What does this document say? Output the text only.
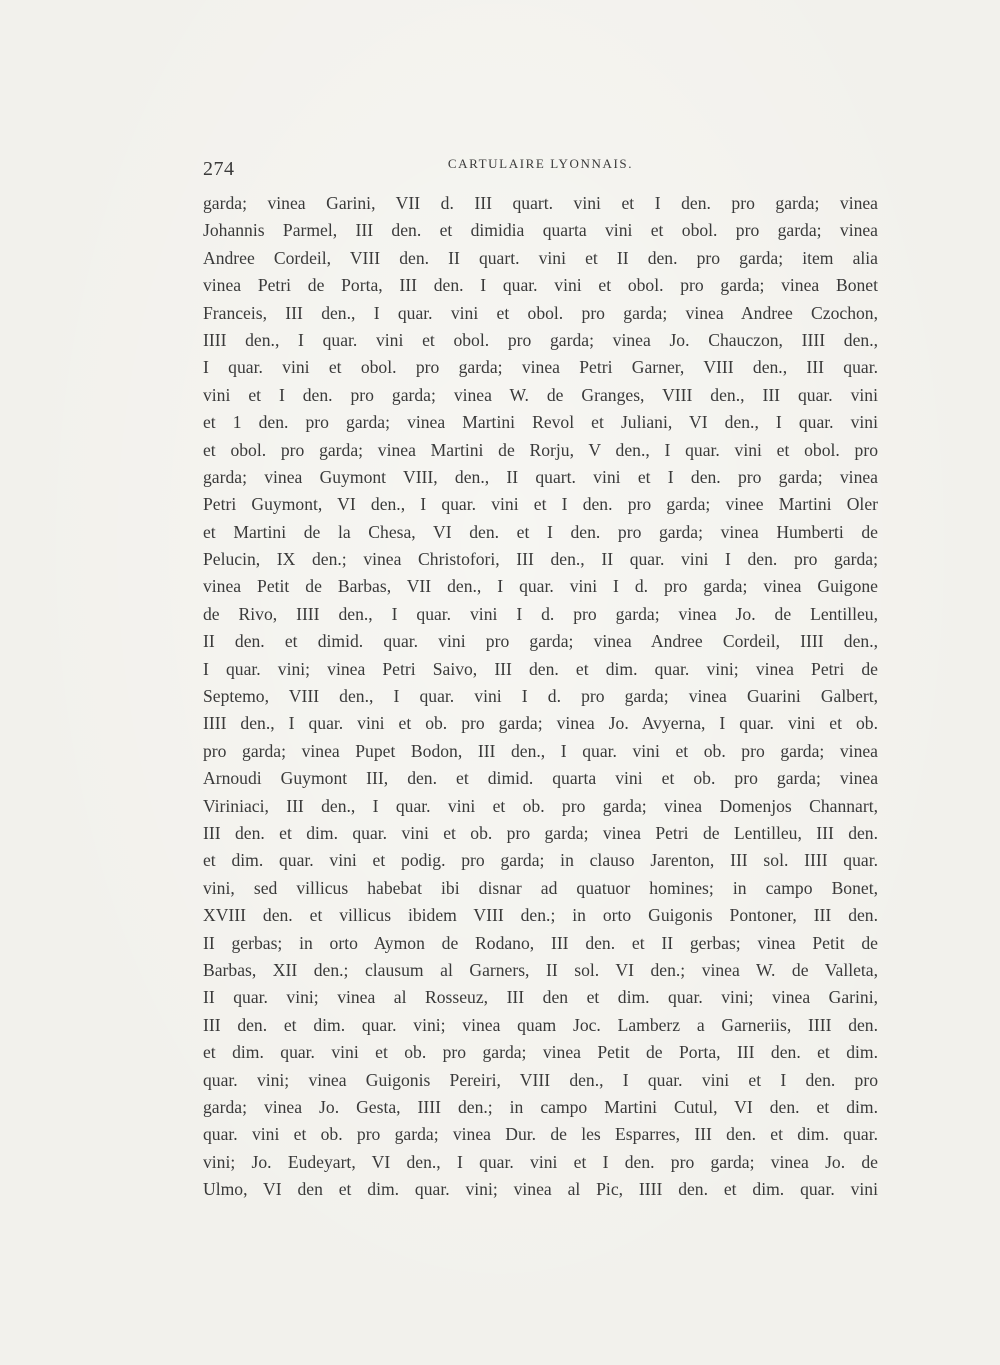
274	CARTULAIRE LYONNAIS.
garda; vinea Garini, VII d. III quart. vini et I den. pro garda; vinea
Johannis Parmel, III den. et dimidia quarta vini et obol. pro garda; vinea
Andree Cordeil, VIII den. II quart. vini et II den. pro garda; item alia
vinea Petri de Porta, III den. I quar. vini et obol. pro garda; vinea Bonet
Franceis, III den., I quar. vini et obol. pro garda; vinea Andree Czochon,
IIII den., I quar. vini et obol. pro garda; vinea Jo. Chauczon, IIII den.,
I quar. vini et obol. pro garda; vinea Petri Garner, VIII den., III quar.
vini et I den. pro garda; vinea W. de Granges, VIII den., III quar. vini
et 1 den. pro garda; vinea Martini Revol et Juliani, VI den., I quar. vini
et obol. pro garda; vinea Martini de Rorju, V den., I quar. vini et obol. pro
garda; vinea Guymont VIII, den., II quart. vini et I den. pro garda; vinea
Petri Guymont, VI den., I quar. vini et I den. pro garda; vinee Martini Oler
et Martini de la Chesa, VI den. et I den. pro garda; vinea Humberti de
Pelucin, IX den.; vinea Christofori, III den., II quar. vini I den. pro garda;
vinea Petit de Barbas, VII den., I quar. vini I d. pro garda; vinea Guigone
de Rivo, IIII den., I quar. vini I d. pro garda; vinea Jo. de Lentilleu,
II den. et dimid. quar. vini pro garda; vinea Andree Cordeil, IIII den.,
I quar. vini; vinea Petri Saivo, III den. et dim. quar. vini; vinea Petri de
Septemo, VIII den., I quar. vini I d. pro garda; vinea Guarini Galbert,
IIII den., I quar. vini et ob. pro garda; vinea Jo. Avyerna, I quar. vini et ob.
pro garda; vinea Pupet Bodon, III den., I quar. vini et ob. pro garda; vinea
Arnoudi Guymont III, den. et dimid. quarta vini et ob. pro garda; vinea
Viriniaci, III den., I quar. vini et ob. pro garda; vinea Domenjos Channart,
III den. et dim. quar. vini et ob. pro garda; vinea Petri de Lentilleu, III den.
et dim. quar. vini et podig. pro garda; in clauso Jarenton, III sol. IIII quar.
vini, sed villicus habebat ibi disnar ad quatuor homines; in campo Bonet,
XVIII den. et villicus ibidem VIII den.; in orto Guigonis Pontoner, III den.
II gerbas; in orto Aymon de Rodano, III den. et II gerbas; vinea Petit de
Barbas, XII den.; clausum al Garners, II sol. VI den.; vinea W. de Valleta,
II quar. vini; vinea al Rosseuz, III den et dim. quar. vini; vinea Garini,
III den. et dim. quar. vini; vinea quam Joc. Lamberz a Garneriis, IIII den.
et dim. quar. vini et ob. pro garda; vinea Petit de Porta, III den. et dim.
quar. vini; vinea Guigonis Pereiri, VIII den., I quar. vini et I den. pro
garda; vinea Jo. Gesta, IIII den.; in campo Martini Cutul, VI den. et dim.
quar. vini et ob. pro garda; vinea Dur. de les Esparres, III den. et dim. quar.
vini; Jo. Eudeyart, VI den., I quar. vini et I den. pro garda; vinea Jo. de
Ulmo, VI den et dim. quar. vini; vinea al Pic, IIII den. et dim. quar. vini
